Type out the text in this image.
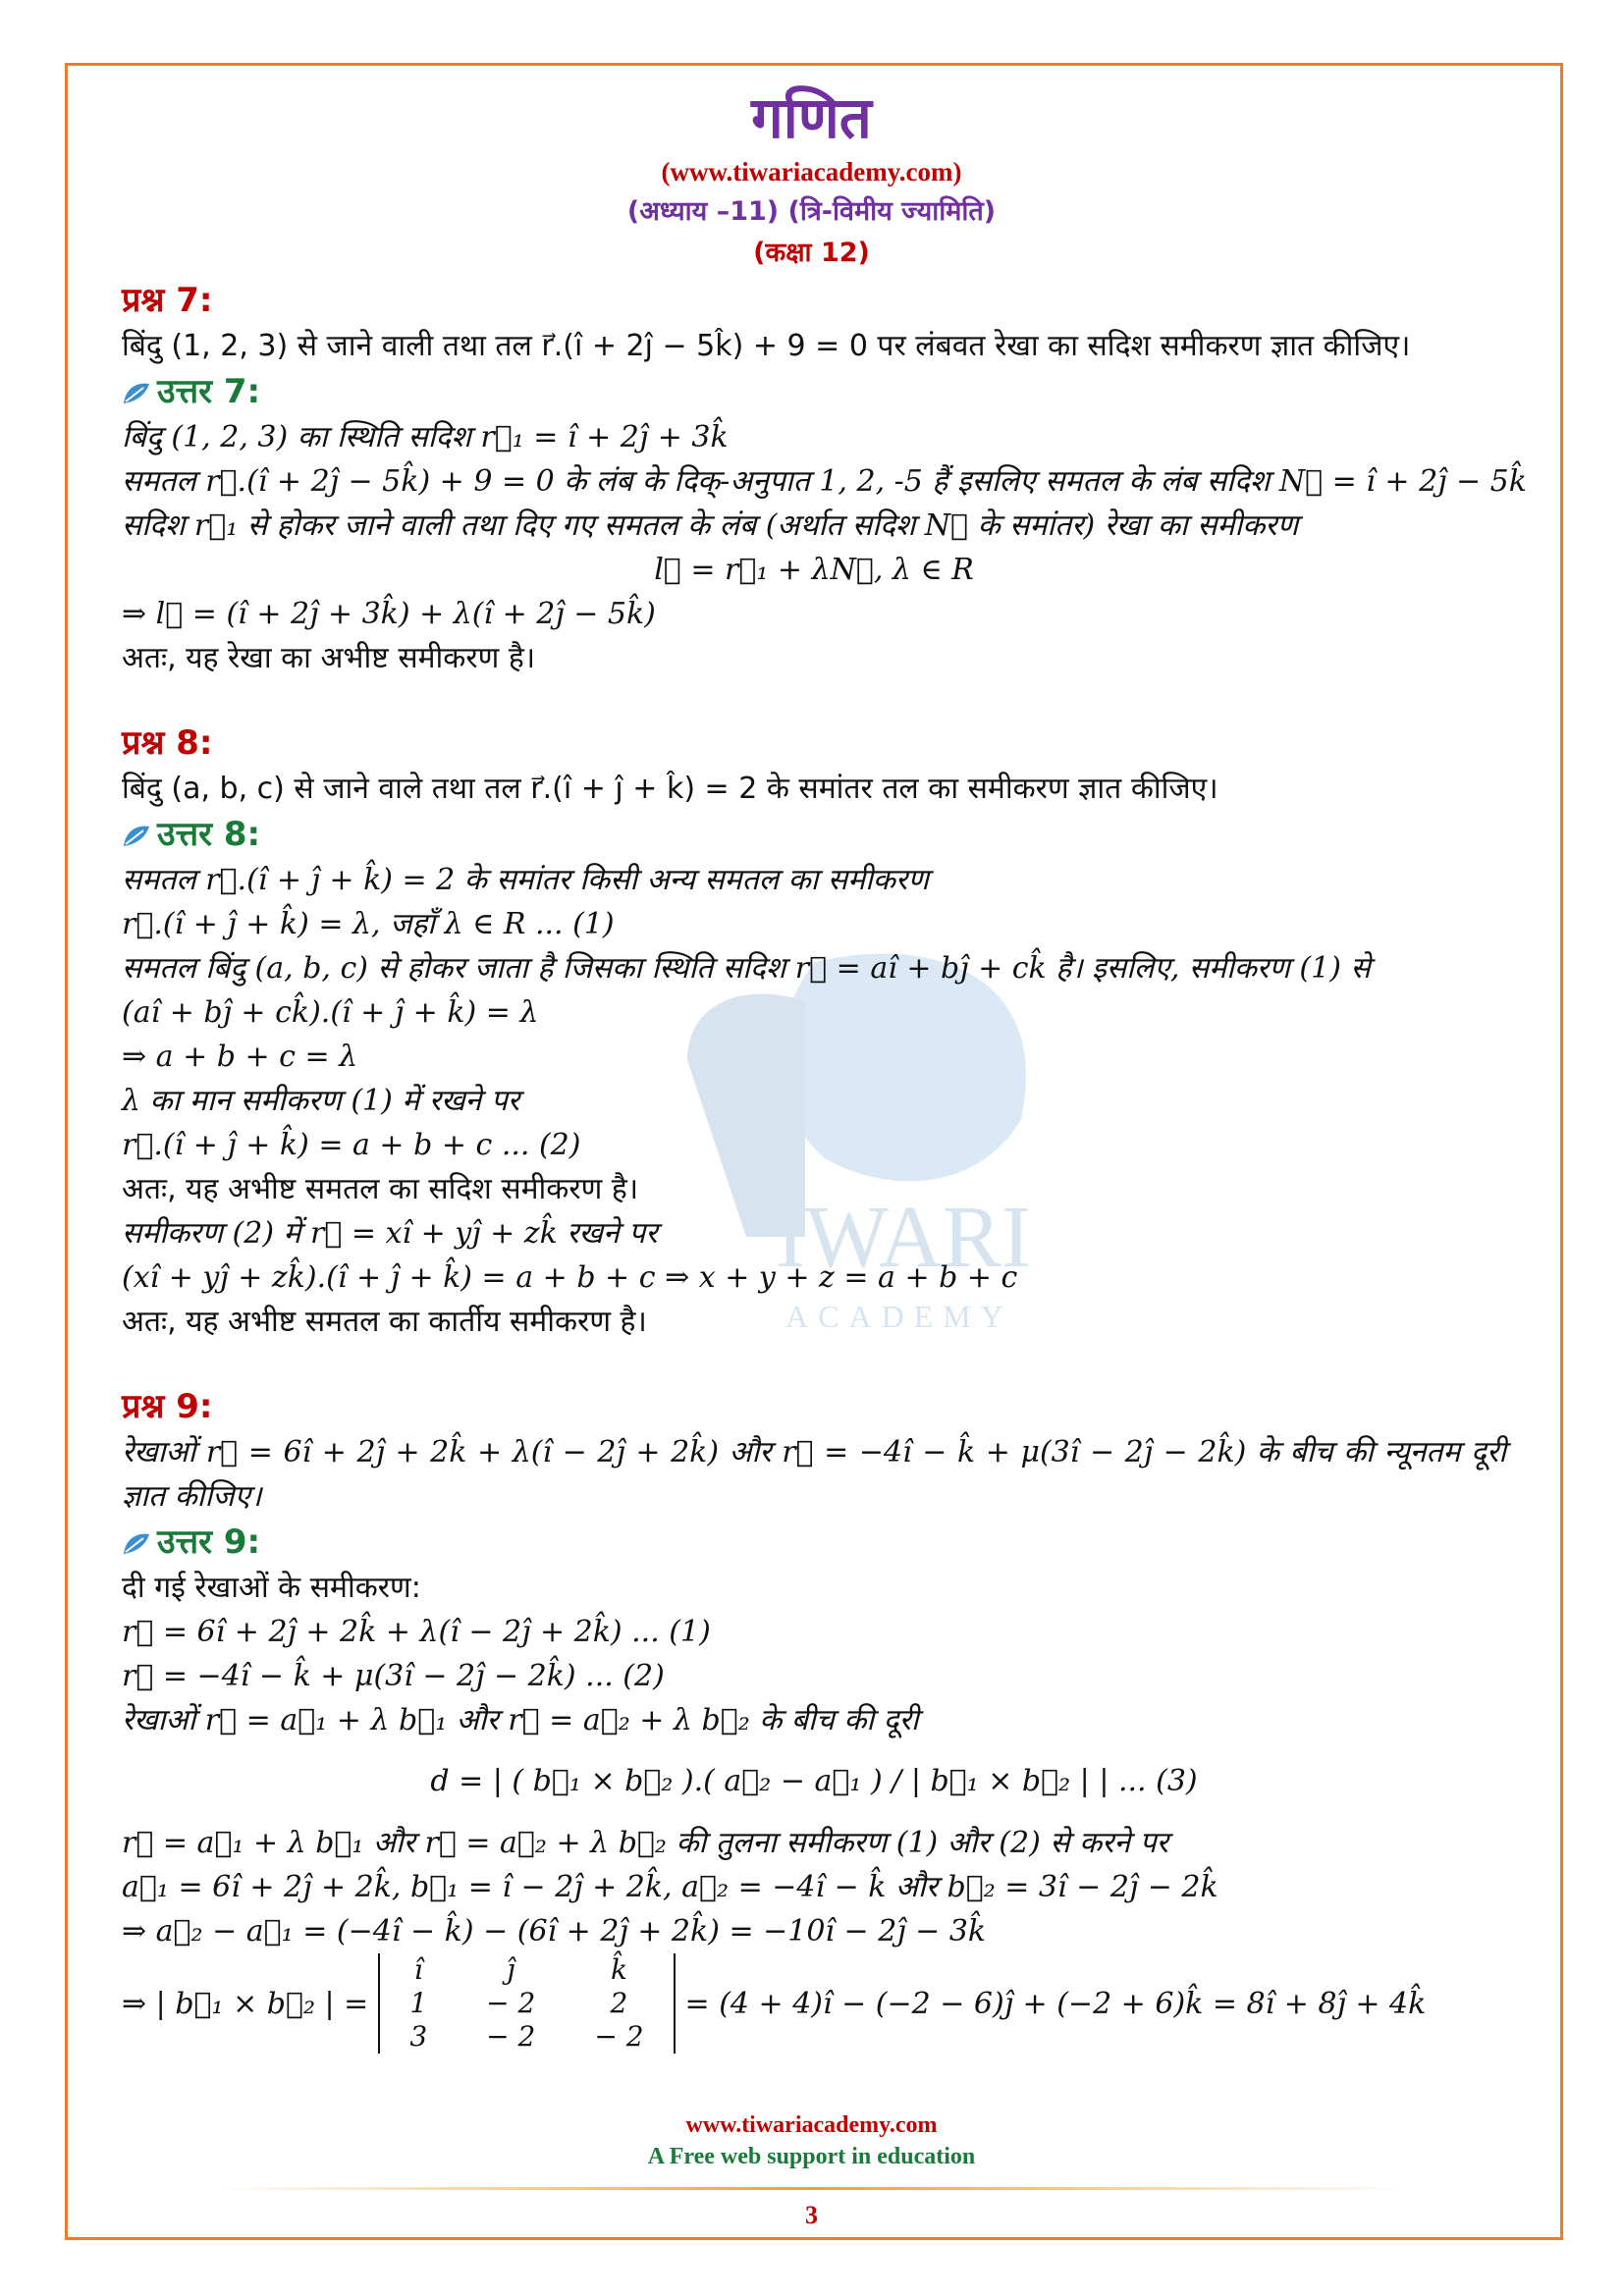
IWARI
ACADEMY
गणित
(www.tiwariacademy.com)
(अध्याय –11) (त्रि-विमीय ज्यामिति)
(कक्षा 12)
प्रश्न 7:
बिंदु (1, 2, 3) से जाने वाली तथा तल r⃗.(î + 2ĵ − 5k̂) + 9 = 0 पर लंबवत रेखा का सदिश समीकरण ज्ञात कीजिए।
उत्तर 7:
बिंदु (1, 2, 3) का स्थिति सदिश r⃗₁ = î + 2ĵ + 3k̂
समतल r⃗.(î + 2ĵ − 5k̂) + 9 = 0 के लंब के दिक्-अनुपात 1, 2, -5 हैं इसलिए समतल के लंब सदिश N⃗ = î + 2ĵ − 5k̂
सदिश r⃗₁ से होकर जाने वाली तथा दिए गए समतल के लंब (अर्थात सदिश N⃗ के समांतर) रेखा का समीकरण
l⃗ = r⃗₁ + λN⃗, λ ∈ R
⇒ l⃗ = (î + 2ĵ + 3k̂) + λ(î + 2ĵ − 5k̂)
अतः, यह रेखा का अभीष्ट समीकरण है।
प्रश्न 8:
बिंदु (a, b, c) से जाने वाले तथा तल r⃗.(î + ĵ + k̂) = 2 के समांतर तल का समीकरण ज्ञात कीजिए।
उत्तर 8:
समतल r⃗.(î + ĵ + k̂) = 2 के समांतर किसी अन्य समतल का समीकरण
r⃗.(î + ĵ + k̂) = λ, जहाँ λ ∈ R ... (1)
समतल बिंदु (a, b, c) से होकर जाता है जिसका स्थिति सदिश r⃗ = aî + bĵ + ck̂ है। इसलिए, समीकरण (1) से
(aî + bĵ + ck̂).(î + ĵ + k̂) = λ
⇒ a + b + c = λ
λ का मान समीकरण (1) में रखने पर
r⃗.(î + ĵ + k̂) = a + b + c ... (2)
अतः, यह अभीष्ट समतल का सदिश समीकरण है।
समीकरण (2) में r⃗ = xî + yĵ + zk̂ रखने पर
(xî + yĵ + zk̂).(î + ĵ + k̂) = a + b + c ⇒ x + y + z = a + b + c
अतः, यह अभीष्ट समतल का कार्तीय समीकरण है।
प्रश्न 9:
रेखाओं r⃗ = 6î + 2ĵ + 2k̂ + λ(î − 2ĵ + 2k̂) और r⃗ = −4î − k̂ + μ(3î − 2ĵ − 2k̂) के बीच की न्यूनतम दूरी ज्ञात कीजिए।
उत्तर 9:
दी गई रेखाओं के समीकरण:
r⃗ = 6î + 2ĵ + 2k̂ + λ(î − 2ĵ + 2k̂) ... (1)
r⃗ = −4î − k̂ + μ(3î − 2ĵ − 2k̂) ... (2)
रेखाओं r⃗ = a⃗₁ + λ b⃗₁ और r⃗ = a⃗₂ + λ b⃗₂ के बीच की दूरी
d = | ( b⃗₁ × b⃗₂ ).( a⃗₂ − a⃗₁ ) / | b⃗₁ × b⃗₂ | | ... (3)
r⃗ = a⃗₁ + λ b⃗₁ और r⃗ = a⃗₂ + λ b⃗₂ की तुलना समीकरण (1) और (2) से करने पर
a⃗₁ = 6î + 2ĵ + 2k̂, b⃗₁ = î − 2ĵ + 2k̂, a⃗₂ = −4î − k̂ और b⃗₂ = 3î − 2ĵ − 2k̂
⇒ a⃗₂ − a⃗₁ = (−4î − k̂) − (6î + 2ĵ + 2k̂) = −10î − 2ĵ − 3k̂
⇒ | b⃗₁ × b⃗₂ | =
î	ĵ	k̂
1	− 2	2
3	− 2	− 2
= (4 + 4)î − (−2 − 6)ĵ + (−2 + 6)k̂ = 8î + 8ĵ + 4k̂
www.tiwariacademy.com
A Free web support in education
3
